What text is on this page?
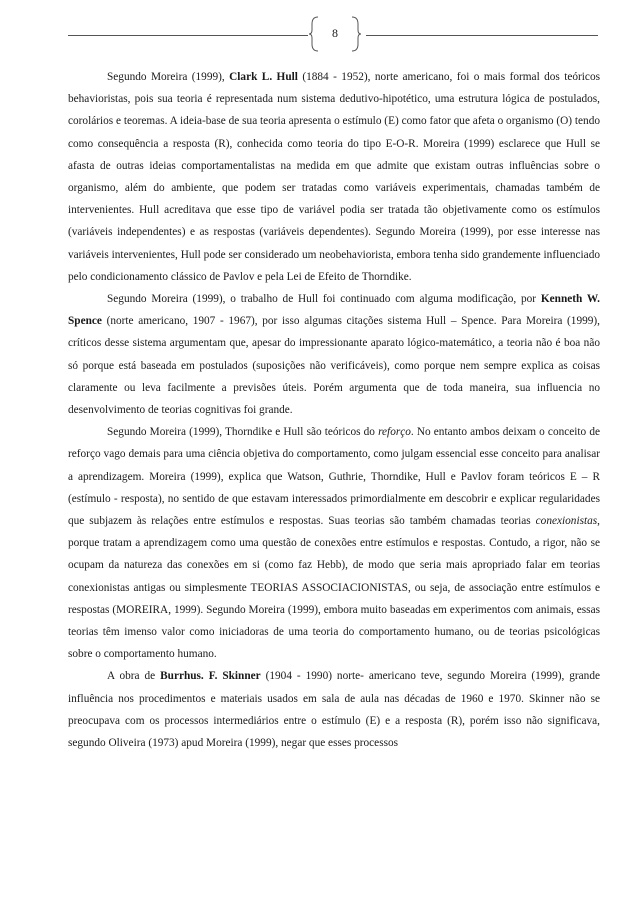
8

Segundo Moreira (1999), Clark L. Hull (1884 - 1952), norte americano, foi o mais formal dos teóricos behavioristas, pois sua teoria é representada num sistema dedutivo-hipotético, uma estrutura lógica de postulados, corolários e teoremas. A ideia-base de sua teoria apresenta o estímulo (E) como fator que afeta o organismo (O) tendo como consequência a resposta (R), conhecida como teoria do tipo E-O-R. Moreira (1999) esclarece que Hull se afasta de outras ideias comportamentalistas na medida em que admite que existam outras influências sobre o organismo, além do ambiente, que podem ser tratadas como variáveis experimentais, chamadas também de intervenientes. Hull acreditava que esse tipo de variável podia ser tratada tão objetivamente como os estímulos (variáveis independentes) e as respostas (variáveis dependentes). Segundo Moreira (1999), por esse interesse nas variáveis intervenientes, Hull pode ser considerado um neobehaviorista, embora tenha sido grandemente influenciado pelo condicionamento clássico de Pavlov e pela Lei de Efeito de Thorndike.

Segundo Moreira (1999), o trabalho de Hull foi continuado com alguma modificação, por Kenneth W. Spence (norte americano, 1907 - 1967), por isso algumas citações sistema Hull – Spence. Para Moreira (1999), críticos desse sistema argumentam que, apesar do impressionante aparato lógico-matemático, a teoria não é boa não só porque está baseada em postulados (suposições não verificáveis), como porque nem sempre explica as coisas claramente ou leva facilmente a previsões úteis. Porém argumenta que de toda maneira, sua influencia no desenvolvimento de teorias cognitivas foi grande.

Segundo Moreira (1999), Thorndike e Hull são teóricos do reforço. No entanto ambos deixam o conceito de reforço vago demais para uma ciência objetiva do comportamento, como julgam essencial esse conceito para analisar a aprendizagem. Moreira (1999), explica que Watson, Guthrie, Thorndike, Hull e Pavlov foram teóricos E – R (estímulo - resposta), no sentido de que estavam interessados primordialmente em descobrir e explicar regularidades que subjazem às relações entre estímulos e respostas. Suas teorias são também chamadas teorias conexionistas, porque tratam a aprendizagem como uma questão de conexões entre estímulos e respostas. Contudo, a rigor, não se ocupam da natureza das conexões em si (como faz Hebb), de modo que seria mais apropriado falar em teorias conexionistas antigas ou simplesmente TEORIAS ASSOCIACIONISTAS, ou seja, de associação entre estímulos e respostas (MOREIRA, 1999). Segundo Moreira (1999), embora muito baseadas em experimentos com animais, essas teorias têm imenso valor como iniciadoras de uma teoria do comportamento humano, ou de teorias psicológicas sobre o comportamento humano.

A obra de Burrhus. F. Skinner (1904 - 1990) norte- americano teve, segundo Moreira (1999), grande influência nos procedimentos e materiais usados em sala de aula nas décadas de 1960 e 1970. Skinner não se preocupava com os processos intermediários entre o estímulo (E) e a resposta (R), porém isso não significava, segundo Oliveira (1973) apud Moreira (1999), negar que esses processos
